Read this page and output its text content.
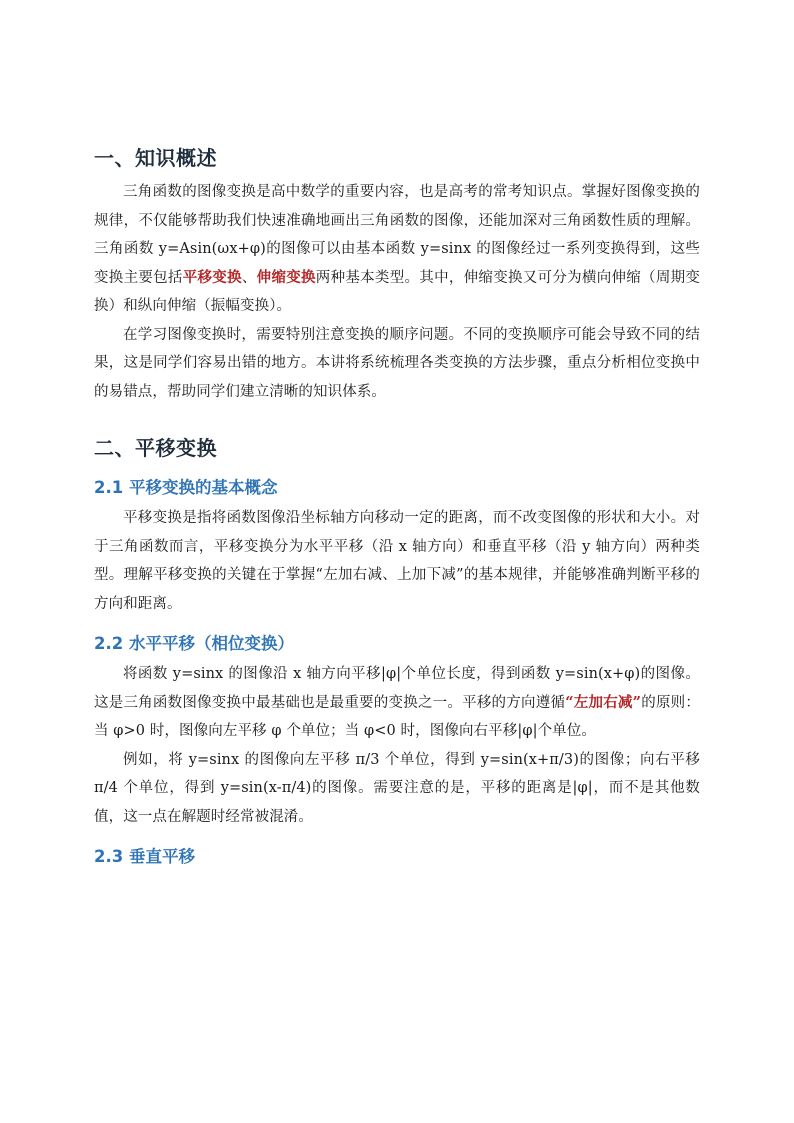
一、知识概述

三角函数的图像变换是高中数学的重要内容，也是高考的常考知识点。掌握好图像变换的规律，不仅能够帮助我们快速准确地画出三角函数的图像，还能加深对三角函数性质的理解。三角函数 y=Asin(ωx+φ)的图像可以由基本函数 y=sinx 的图像经过一系列变换得到，这些变换主要包括平移变换、伸缩变换两种基本类型。其中，伸缩变换又可分为横向伸缩（周期变换）和纵向伸缩（振幅变换）。

在学习图像变换时，需要特别注意变换的顺序问题。不同的变换顺序可能会导致不同的结果，这是同学们容易出错的地方。本讲将系统梳理各类变换的方法步骤，重点分析相位变换中的易错点，帮助同学们建立清晰的知识体系。

二、平移变换
2.1 平移变换的基本概念

平移变换是指将函数图像沿坐标轴方向移动一定的距离，而不改变图像的形状和大小。对于三角函数而言，平移变换分为水平平移（沿 x 轴方向）和垂直平移（沿 y 轴方向）两种类型。理解平移变换的关键在于掌握“左加右减、上加下减”的基本规律，并能够准确判断平移的方向和距离。

2.2 水平平移（相位变换）

将函数 y=sinx 的图像沿 x 轴方向平移|φ|个单位长度，得到函数 y=sin(x+φ)的图像。这是三角函数图像变换中最基础也是最重要的变换之一。平移的方向遵循“左加右减”的原则：当 φ>0 时，图像向左平移 φ 个单位；当 φ<0 时，图像向右平移|φ|个单位。

例如，将 y=sinx 的图像向左平移 π/3 个单位，得到 y=sin(x+π/3)的图像；向右平移 π/4 个单位，得到 y=sin(x-π/4)的图像。需要注意的是，平移的距离是|φ|，而不是其他数值，这一点在解题时经常被混淆。

2.3 垂直平移
